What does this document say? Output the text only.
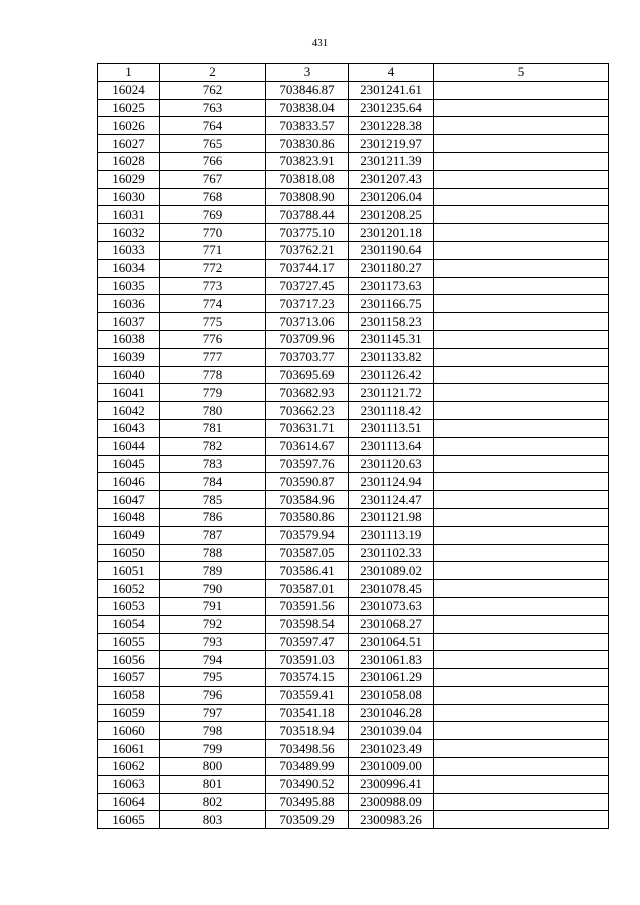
431
1	2	3	4	5
16024	762	703846.87	2301241.61	
16025	763	703838.04	2301235.64	
16026	764	703833.57	2301228.38	
16027	765	703830.86	2301219.97	
16028	766	703823.91	2301211.39	
16029	767	703818.08	2301207.43	
16030	768	703808.90	2301206.04	
16031	769	703788.44	2301208.25	
16032	770	703775.10	2301201.18	
16033	771	703762.21	2301190.64	
16034	772	703744.17	2301180.27	
16035	773	703727.45	2301173.63	
16036	774	703717.23	2301166.75	
16037	775	703713.06	2301158.23	
16038	776	703709.96	2301145.31	
16039	777	703703.77	2301133.82	
16040	778	703695.69	2301126.42	
16041	779	703682.93	2301121.72	
16042	780	703662.23	2301118.42	
16043	781	703631.71	2301113.51	
16044	782	703614.67	2301113.64	
16045	783	703597.76	2301120.63	
16046	784	703590.87	2301124.94	
16047	785	703584.96	2301124.47	
16048	786	703580.86	2301121.98	
16049	787	703579.94	2301113.19	
16050	788	703587.05	2301102.33	
16051	789	703586.41	2301089.02	
16052	790	703587.01	2301078.45	
16053	791	703591.56	2301073.63	
16054	792	703598.54	2301068.27	
16055	793	703597.47	2301064.51	
16056	794	703591.03	2301061.83	
16057	795	703574.15	2301061.29	
16058	796	703559.41	2301058.08	
16059	797	703541.18	2301046.28	
16060	798	703518.94	2301039.04	
16061	799	703498.56	2301023.49	
16062	800	703489.99	2301009.00	
16063	801	703490.52	2300996.41	
16064	802	703495.88	2300988.09	
16065	803	703509.29	2300983.26	
